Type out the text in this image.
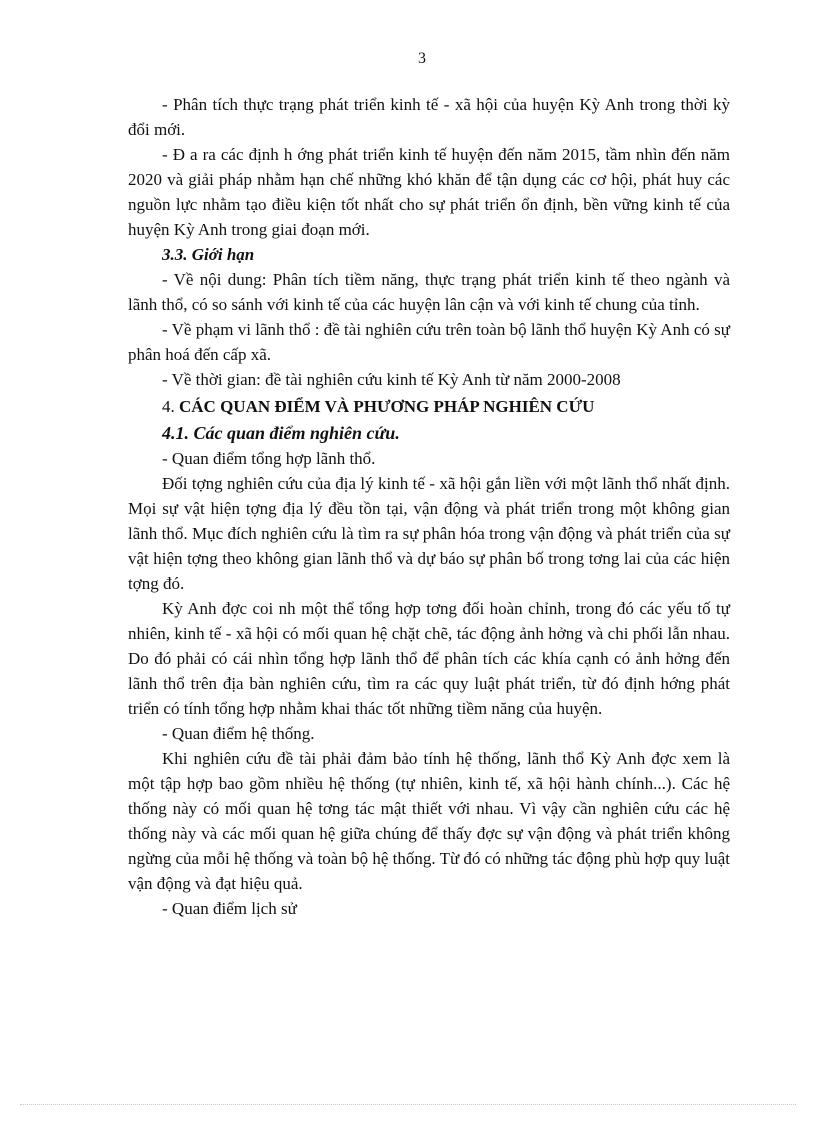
3

- Phân tích thực trạng phát triển kinh tế - xã hội của huyện Kỳ Anh trong thời kỳ đổi mới.

- Đ a ra các định h ớng phát triển kinh tế huyện đến năm 2015, tầm nhìn đến năm 2020 và giải pháp nhằm hạn chế những khó khăn để tận dụng các cơ hội, phát huy các nguồn lực nhằm tạo điều kiện tốt nhất cho sự phát triển ổn định, bền vững kinh tế của huyện Kỳ Anh trong giai đoạn mới.

3.3. Giới hạn

- Về nội dung: Phân tích tiềm năng, thực trạng phát triển kinh tế theo ngành và lãnh thổ, có so sánh với kinh tế của các huyện lân cận và với kinh tế chung của tỉnh.

- Về phạm vi lãnh thổ : đề tài nghiên cứu trên toàn bộ lãnh thổ huyện Kỳ Anh có sự phân hoá đến cấp xã.

- Về thời gian: đề tài nghiên cứu kinh tế Kỳ Anh từ năm 2000-2008

4. CÁC QUAN ĐIỂM VÀ PHƯƠNG PHÁP NGHIÊN CỨU

4.1. Các quan điểm nghiên cứu.

- Quan điểm tổng hợp lãnh thổ.

Đối tợng nghiên cứu của địa lý kinh tế - xã hội gắn liền với một lãnh thổ nhất định. Mọi sự vật hiện tợng địa lý đều tồn tại, vận động và phát triển trong một không gian lãnh thổ. Mục đích nghiên cứu là tìm ra sự phân hóa trong vận động và phát triển của sự vật hiện tợng theo không gian lãnh thổ và dự báo sự phân bố trong tơng lai của các hiện tợng đó.

Kỳ Anh đợc coi nh một thể tổng hợp tơng đối hoàn chỉnh, trong đó các yếu tố tự nhiên, kinh tế - xã hội có mối quan hệ chặt chẽ, tác động ảnh hởng và chi phối lẫn nhau. Do đó phải có cái nhìn tổng hợp lãnh thổ để phân tích các khía cạnh có ảnh hởng đến lãnh thổ trên địa bàn nghiên cứu, tìm ra các quy luật phát triển, từ đó định hớng phát triển có tính tổng hợp nhằm khai thác tốt những tiềm năng của huyện.

- Quan điểm hệ thống.

Khi nghiên cứu đề tài phải đảm bảo tính hệ thống, lãnh thổ Kỳ Anh đợc xem là một tập hợp bao gồm nhiều hệ thống (tự nhiên, kinh tế, xã hội hành chính...). Các hệ thống này có mối quan hệ tơng tác mật thiết với nhau. Vì vậy cần nghiên cứu các hệ thống này và các mối quan hệ giữa chúng để thấy đợc sự vận động và phát triển không ngừng của mỗi hệ thống và toàn bộ hệ thống. Từ đó có những tác động phù hợp quy luật vận động và đạt hiệu quả.

- Quan điểm lịch sử
